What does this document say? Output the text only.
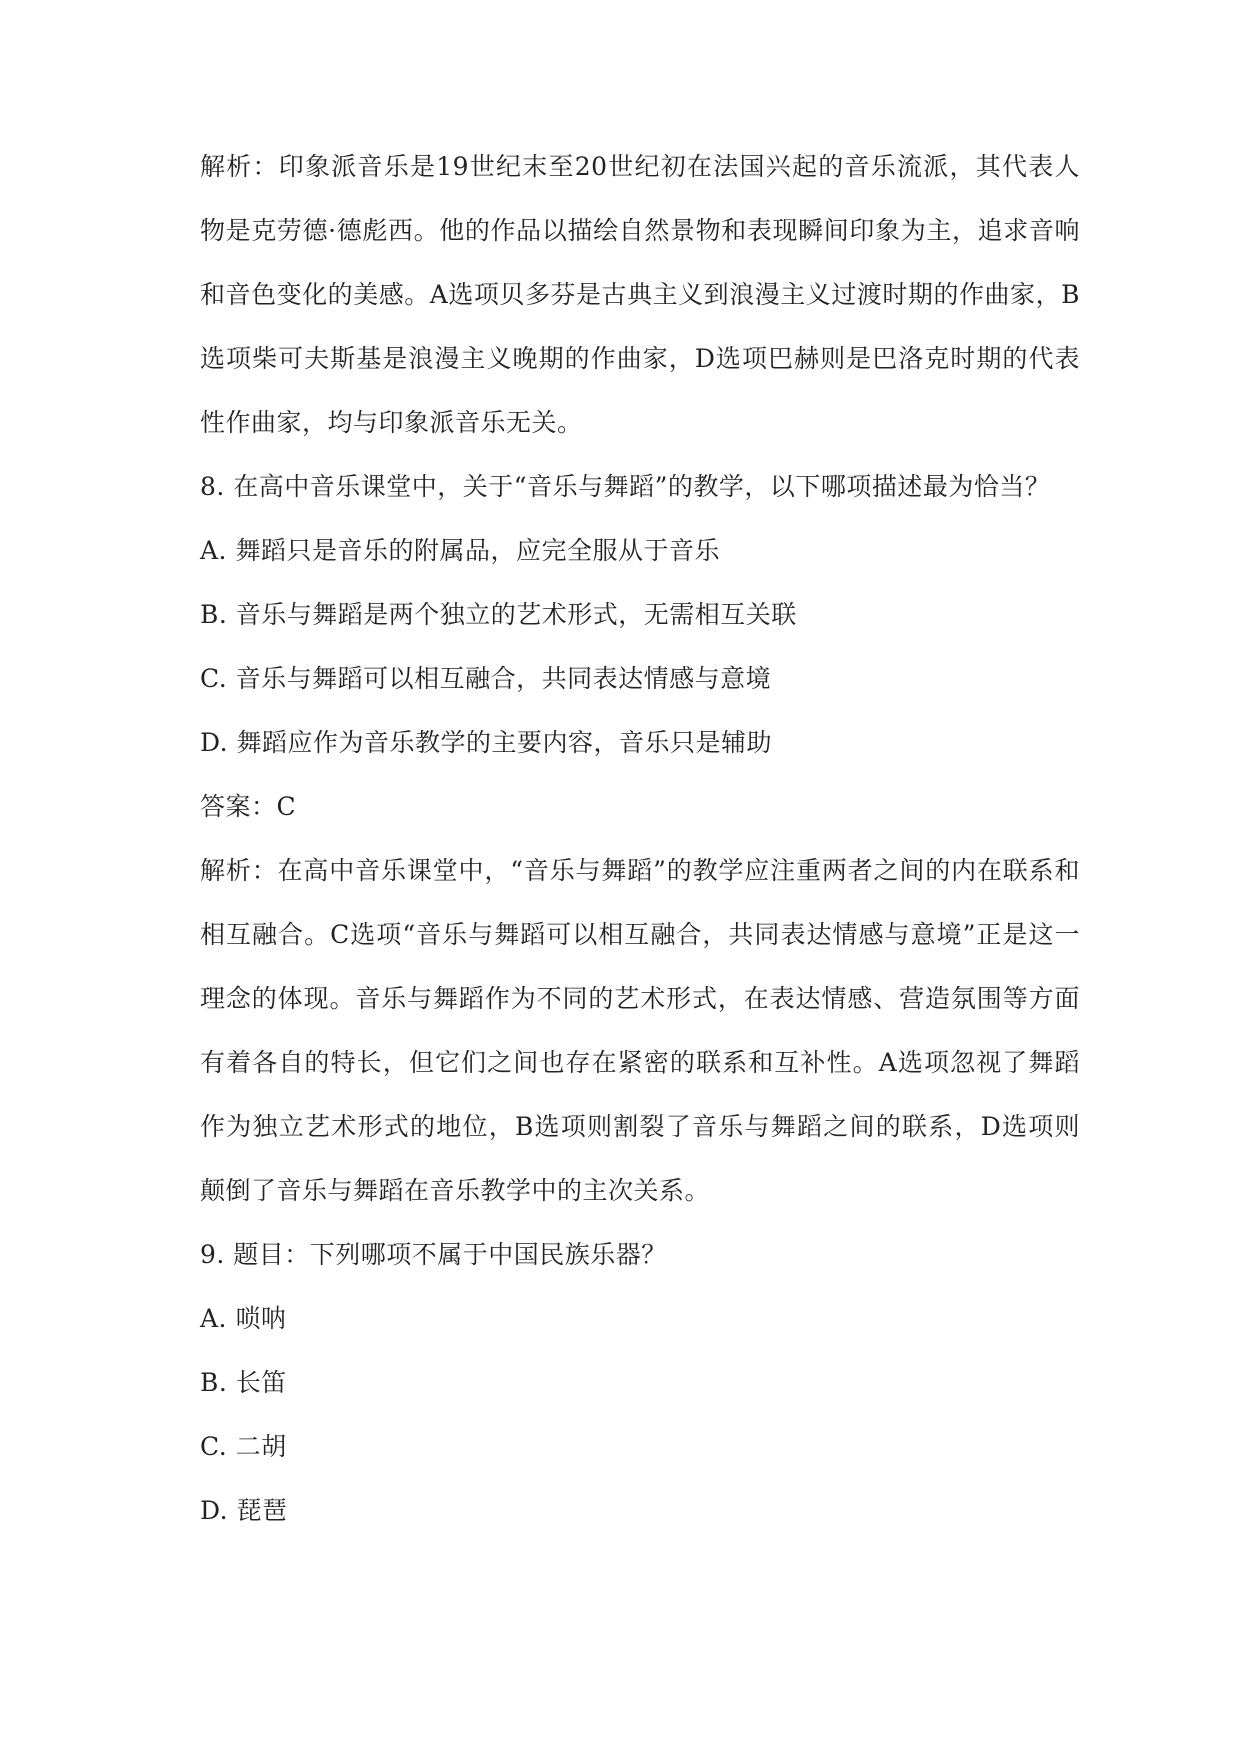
解析：印象派音乐是19世纪末至20世纪初在法国兴起的音乐流派，其代表人物是克劳德·德彪西。他的作品以描绘自然景物和表现瞬间印象为主，追求音响和音色变化的美感。A选项贝多芬是古典主义到浪漫主义过渡时期的作曲家，B选项柴可夫斯基是浪漫主义晚期的作曲家，D选项巴赫则是巴洛克时期的代表性作曲家，均与印象派音乐无关。

8. 在高中音乐课堂中，关于“音乐与舞蹈”的教学，以下哪项描述最为恰当？

A. 舞蹈只是音乐的附属品，应完全服从于音乐

B. 音乐与舞蹈是两个独立的艺术形式，无需相互关联

C. 音乐与舞蹈可以相互融合，共同表达情感与意境

D. 舞蹈应作为音乐教学的主要内容，音乐只是辅助

答案：C

解析：在高中音乐课堂中，“音乐与舞蹈”的教学应注重两者之间的内在联系和相互融合。C选项“音乐与舞蹈可以相互融合，共同表达情感与意境”正是这一理念的体现。音乐与舞蹈作为不同的艺术形式，在表达情感、营造氛围等方面有着各自的特长，但它们之间也存在紧密的联系和互补性。A选项忽视了舞蹈作为独立艺术形式的地位，B选项则割裂了音乐与舞蹈之间的联系，D选项则颠倒了音乐与舞蹈在音乐教学中的主次关系。

9. 题目：下列哪项不属于中国民族乐器？

A. 唢呐

B. 长笛

C. 二胡

D. 琵琶
